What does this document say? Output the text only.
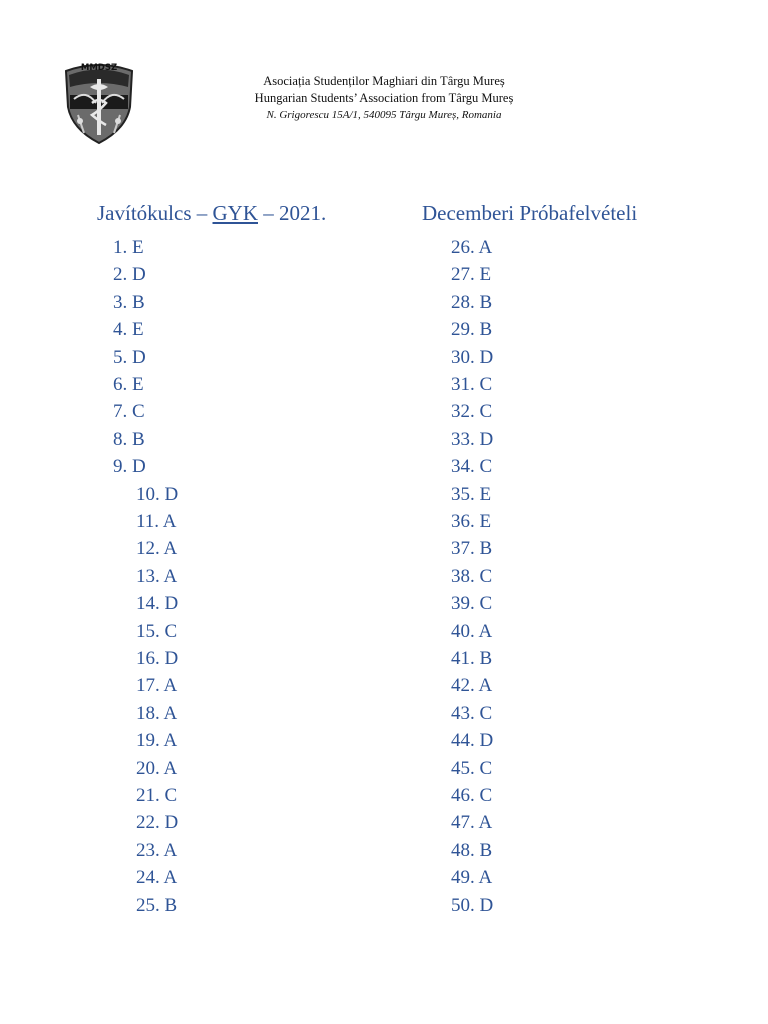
MMDSZ
Asociația Studenților Maghiari din Târgu Mureș
Hungarian Students’ Association from Târgu Mureș
N. Grigorescu 15A/1, 540095 Târgu Mureș, Romania
Javítókulcs – GYK – 2021.	Decemberi Próbafelvételi
1. E
2. D
3. B
4. E
5. D
6. E
7. C
8. B
9. D
10. D
11. A
12. A
13. A
14. D
15. C
16. D
17. A
18. A
19. A
20. A
21. C
22. D
23. A
24. A
25. B
26. A
27. E
28. B
29. B
30. D
31. C
32. C
33. D
34. C
35. E
36. E
37. B
38. C
39. C
40. A
41. B
42. A
43. C
44. D
45. C
46. C
47. A
48. B
49. A
50. D
